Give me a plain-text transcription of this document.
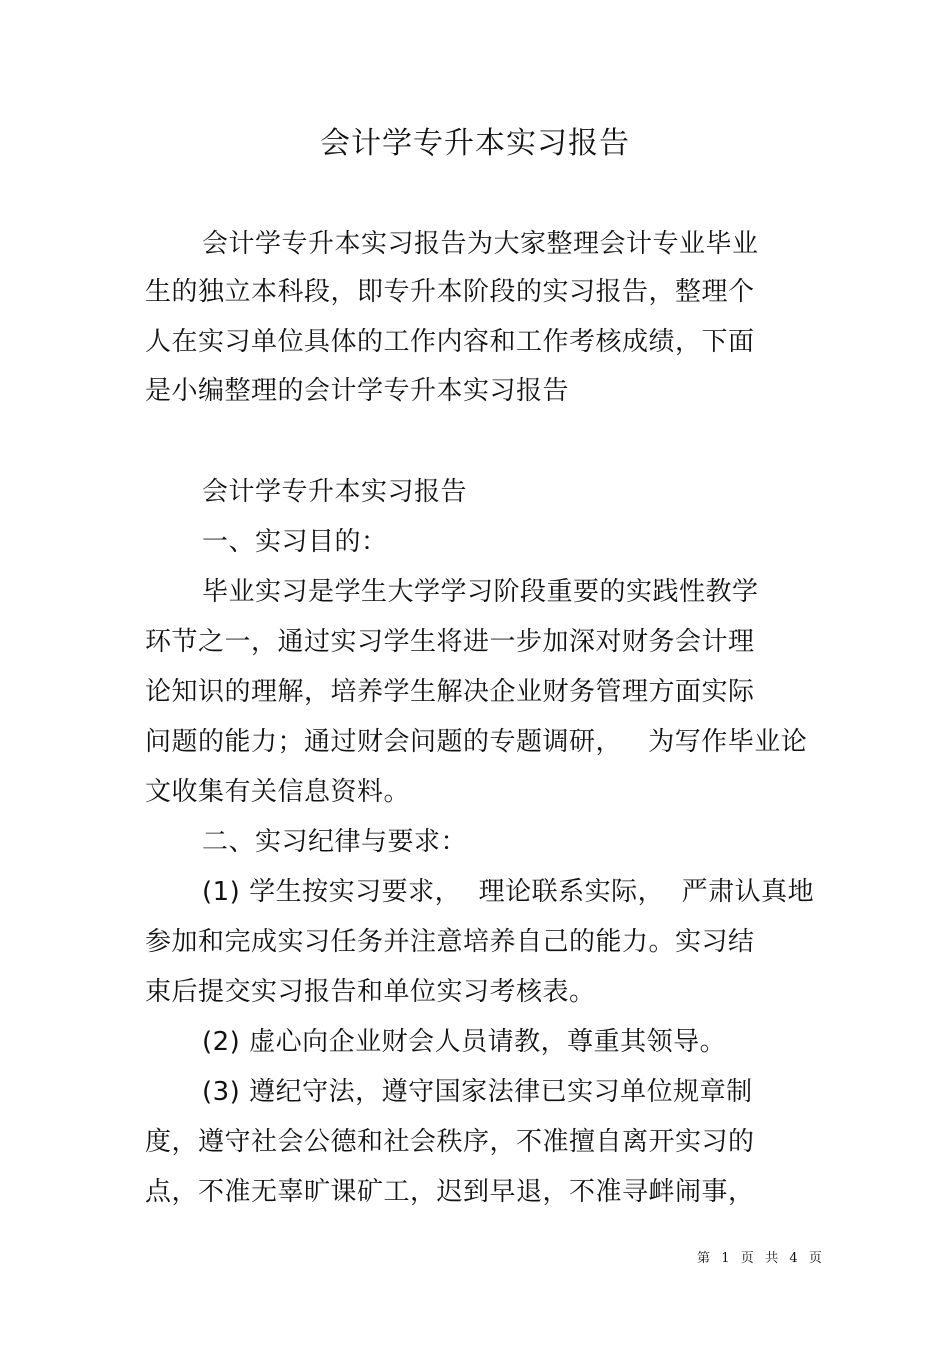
会计学专升本实习报告
会计学专升本实习报告为大家整理会计专业毕业
生的独立本科段，即专升本阶段的实习报告，整理个
人在实习单位具体的工作内容和工作考核成绩，下面
是小编整理的会计学专升本实习报告
会计学专升本实习报告
一、实习目的：
毕业实习是学生大学学习阶段重要的实践性教学
环节之一，通过实习学生将进一步加深对财务会计理
论知识的理解，培养学生解决企业财务管理方面实际
问题的能力；通过财会问题的专题调研，   为写作毕业论
文收集有关信息资料。
二、实习纪律与要求：
(1) 学生按实习要求，  理论联系实际，  严肃认真地
参加和完成实习任务并注意培养自己的能力。实习结
束后提交实习报告和单位实习考核表。
(2) 虚心向企业财会人员请教，尊重其领导。
(3) 遵纪守法，遵守国家法律已实习单位规章制
度，遵守社会公德和社会秩序，不准擅自离开实习的
点，不准无辜旷课矿工，迟到早退，不准寻衅闹事，
第  1  页  共  4  页
